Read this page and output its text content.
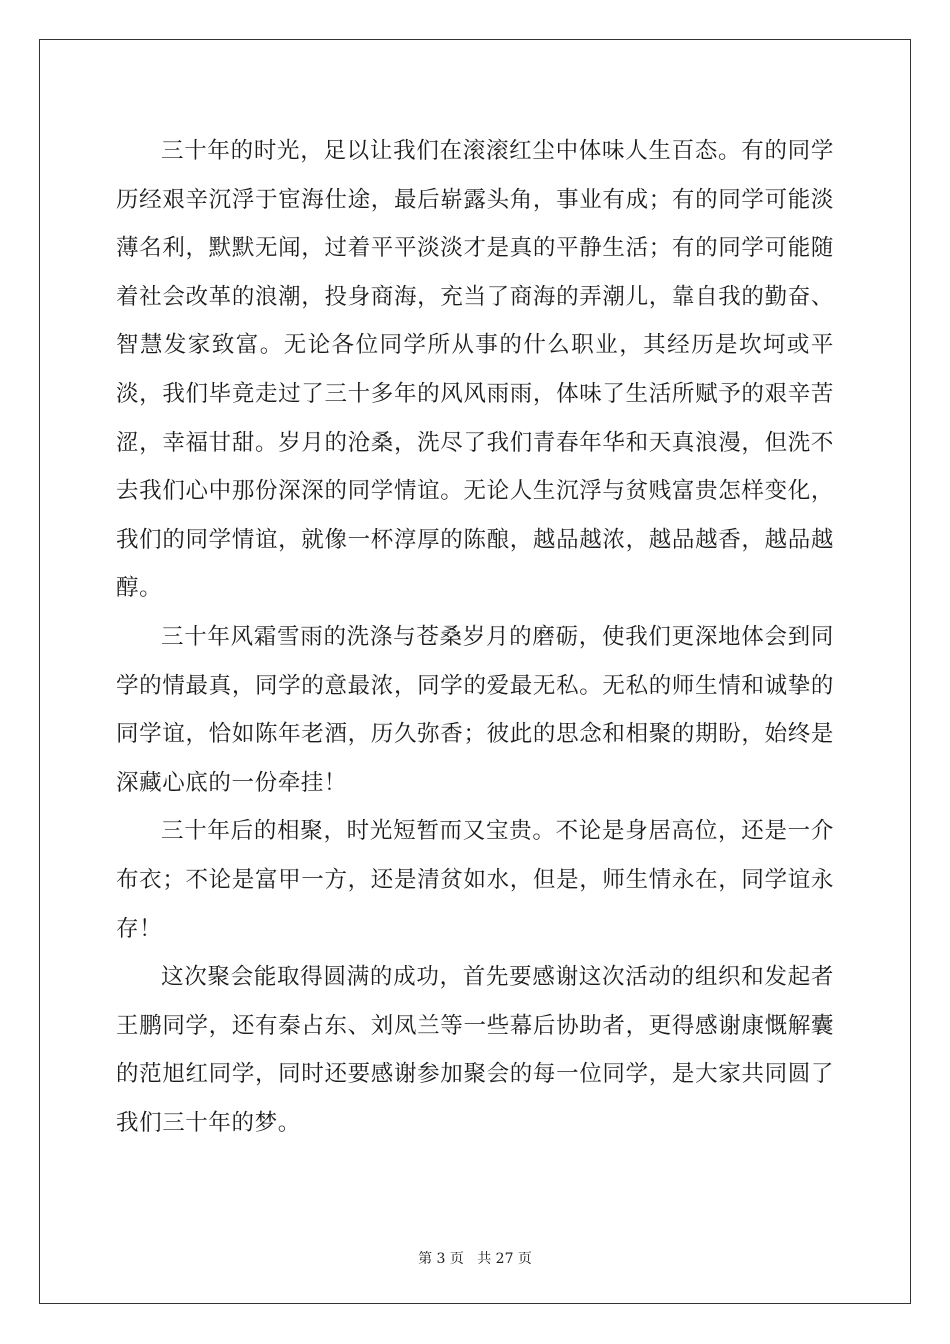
三十年的时光，足以让我们在滚滚红尘中体味人生百态。有的同学历经艰辛沉浮于宦海仕途，最后崭露头角，事业有成；有的同学可能淡薄名利，默默无闻，过着平平淡淡才是真的平静生活；有的同学可能随着社会改革的浪潮，投身商海，充当了商海的弄潮儿，靠自我的勤奋、智慧发家致富。无论各位同学所从事的什么职业，其经历是坎坷或平淡，我们毕竟走过了三十多年的风风雨雨，体味了生活所赋予的艰辛苦涩，幸福甘甜。岁月的沧桑，洗尽了我们青春年华和天真浪漫，但洗不去我们心中那份深深的同学情谊。无论人生沉浮与贫贱富贵怎样变化，我们的同学情谊，就像一杯淳厚的陈酿，越品越浓，越品越香，越品越醇。

三十年风霜雪雨的洗涤与苍桑岁月的磨砺，使我们更深地体会到同学的情最真，同学的意最浓，同学的爱最无私。无私的师生情和诚挚的同学谊，恰如陈年老酒，历久弥香；彼此的思念和相聚的期盼，始终是深藏心底的一份牵挂！

三十年后的相聚，时光短暂而又宝贵。不论是身居高位，还是一介布衣；不论是富甲一方，还是清贫如水，但是，师生情永在，同学谊永存！

这次聚会能取得圆满的成功，首先要感谢这次活动的组织和发起者王鹏同学，还有秦占东、刘凤兰等一些幕后协助者，更得感谢康慨解囊的范旭红同学，同时还要感谢参加聚会的每一位同学，是大家共同圆了我们三十年的梦。

第 3 页   共 27 页
